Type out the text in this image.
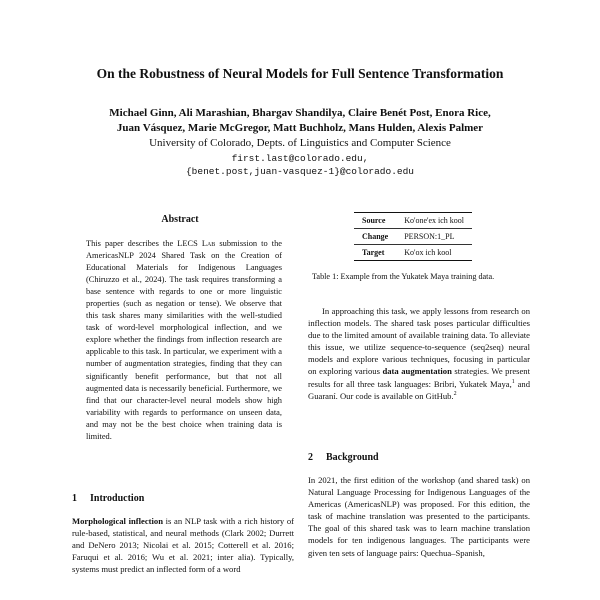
On the Robustness of Neural Models for Full Sentence Transformation
Michael Ginn, Ali Marashian, Bhargav Shandilya, Claire Benét Post, Enora Rice,
Juan Vásquez, Marie McGregor, Matt Buchholz, Mans Hulden, Alexis Palmer
University of Colorado, Depts. of Linguistics and Computer Science
first.last@colorado.edu,
{benet.post,juan-vasquez-1}@colorado.edu
Abstract
This paper describes the LECS Lab submission to the AmericasNLP 2024 Shared Task on the Creation of Educational Materials for Indigenous Languages (Chiruzzo et al., 2024). The task requires transforming a base sentence with regards to one or more linguistic properties (such as negation or tense). We observe that this task shares many similarities with the well-studied task of word-level morphological inflection, and we explore whether the findings from inflection research are applicable to this task. In particular, we experiment with a number of augmentation strategies, finding that they can significantly benefit performance, but that not all augmented data is necessarily beneficial. Furthermore, we find that our character-level neural models show high variability with regards to performance on unseen data, and may not be the best choice when training data is limited.
1 Introduction
Morphological inflection is an NLP task with a rich history of rule-based, statistical, and neural methods (Clark 2002; Durrett and DeNero 2013; Nicolai et al. 2015; Cotterell et al. 2016; Faruqui et al. 2016; Wu et al. 2021; inter alia). Typically, systems must predict an inflected form of a word
Source	Ko'one'ex ich kool
Change	PERSON:1_PL
Target	Ko'ox ich kool
Table 1: Example from the Yukatek Maya training data.

In approaching this task, we apply lessons from research on inflection models. The shared task poses particular difficulties due to the limited amount of available training data. To alleviate this issue, we utilize sequence-to-sequence (seq2seq) neural models and explore various techniques, focusing in particular on exploring various data augmentation strategies. We present results for all three task languages: Bribri, Yukatek Maya,$^1$ and Guaraní. Our code is available on GitHub.$^2$

2 Background
In 2021, the first edition of the workshop (and shared task) on Natural Language Processing for Indigenous Languages of the Americas (AmericasNLP) was proposed. For this edition, the task of machine translation was presented to the participants. The goal of this shared task was to learn machine translation models for ten indigenous languages. The participants were given ten sets of language pairs: Quechua–Spanish,
